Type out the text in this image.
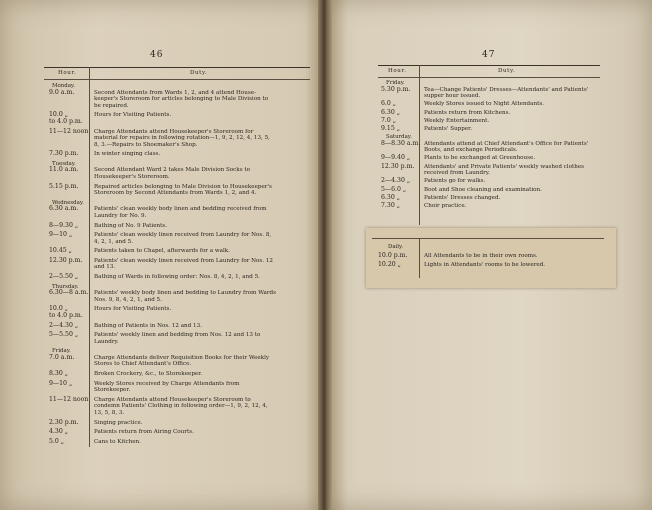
46
Hour.	Duty.
Monday.
9.0 a.m.	Second Attendants from Wards 1, 2, and 4 attend House-keeper's Storeroom for articles belonging to Male Division to be repaired.
10.0 „
to 4.0 p.m.
Hours for Visiting Patients.
11—12 noon Charge Attendants attend Housekeeper's Storeroom for material for repairs in following rotation—1, 9, 2, 12, 4, 13, 5, 8, 3.—Repairs to Shoemaker's Shop.
7.30 p.m.	In winter singing class.
Tuesday.
11.0 a.m.	Second Attendant Ward 2 takes Male Division Socks to Housekeeper's Storeroom.
5.15 p.m.	Repaired articles belonging to Male Division to Housekeeper's Storeroom by Second Attendants from Wards 1, 2, and 4.
Wednesday.
6.30 a.m.	Patients' clean weekly body linen and bedding received from Laundry for No. 9.
8—9.30 „	Bathing of No. 9 Patients.
9—10 „	Patients' clean weekly linen received from Laundry for Nos. 8, 4, 2, 1, and 5.
10.45 „	Patients taken to Chapel, afterwards for a walk.
12.30 p.m. Patients' clean weekly linen received from Laundry for Nos. 12 and 13.
2—5.50 „	Bathing of Wards in following order: Nos. 8, 4, 2, 1, and 5.
Thursday.
6.30—8 a.m. Patients' weekly body linen and bedding to Laundry from Wards Nos. 9, 8, 4, 2, 1, and 5.
10.0 „
to 4.0 p.m.
Hours for Visiting Patients.
2—4.30 „	Bathing of Patients in Nos. 12 and 13.
5—5.50 „	Patients' weekly linen and bedding from Nos. 12 and 13 to Laundry.
Friday.
7.0 a.m.	Charge Attendants deliver Requisition Books for their Weekly Stores to Chief Attendant's Office.
8.30 „	Broken Crockery, &c., to Storekeeper.
9—10 „	Weekly Stores received by Charge Attendants from Storekeeper.
11—12 noon Charge Attendants attend Housekeeper's Storeroom to condemn Patients' Clothing in following order—1, 9, 2, 12, 4, 13, 5, 8, 3.
2.30 p.m.	Singing practice.
4.30 „	Patients return from Airing Courts.
5.0 „	Cans to Kitchen.
47
Hour.	Duty.
Friday.
5.30 p.m. Tea—Change Patients' Dresses—Attendants' and Patients' supper hour issued.
6.0 „	Weekly Stores issued to Night Attendants.
6.30 „	Patients return from Kitchens.
7.0 „	Weekly Entertainment.
9.15 „	Patients' Supper.
Saturday.
8—8.30 a.m. Attendants attend at Chief Attendant's Office for Patients' Boots, and exchange Periodicals.
9—9.40 „ Plants to be exchanged at Greenhouse.
12.30 p.m. Attendants' and Private Patients' weekly washed clothes received from Laundry.
2—4.30 „ Patients go for walks.
5—6.0 „	Boot and Shoe cleaning and examination.
6.30 „	Patients' Dresses changed.
7.30 „	Choir practice.
Daily.
10.0 p.m.	All Attendants to be in their own rooms.
10.20 „	Lights in Attendants' rooms to be lowered.
